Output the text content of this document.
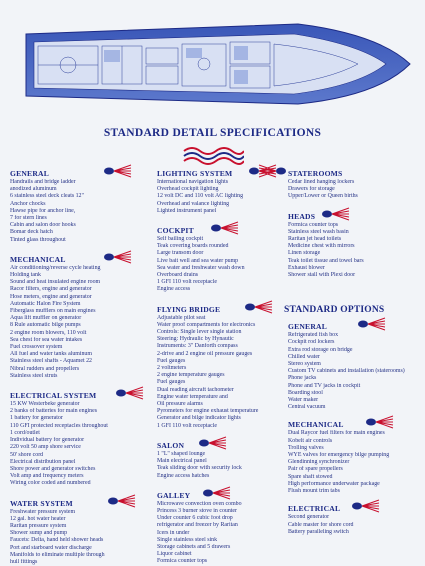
STANDARD DETAIL SPECIFICATIONS
GENERAL
Handrails and bridge ladder
anodized aluminum
6 stainless steel deck cleats 12"
Anchor chocks
Hawse pipe for anchor line,
7 for stern lines
Cabin and salon door hooks
Bomar deck hatch
Tinted glass throughout
MECHANICAL
Air conditioning/reverse cycle heating
Holding tank
Sound and heat insulated engine room
Racor filters, engine and generator
Hose meters, engine and generator
Automatic Halon Fire System
Fiberglass mufflers on main engines
Aqua lift muffler on generator
8 Rule automatic bilge pumps
2 engine room blowers, 110 volt
Sea chest for sea water intakes
Fuel crossover system
All fuel and water tanks aluminum
Stainless steel shafts - Aquamet 22
Nibral rudders and propellers
Stainless steel struts
ELECTRICAL SYSTEM
15 KW Westerbeke generator
2 banks of batteries for main engines
1 battery for generator
110 GFI protected receptacles throughout
1 cord/outlet
Individual battery for generator
220 volt 50 amp shore service
50' shore cord
Electrical distribution panel
Shore power and generator switches
Volt amp and frequency meters
Wiring color coded and numbered
WATER SYSTEM
Freshwater pressure system
12 gal. hot water heater
Raritan pressure system
Shower sump and pump
Faucets: Delta, hand held shower heads
Port and starboard water discharge
Manifolds to eliminate multiple through
hull fittings
LIGHTING SYSTEM
International navigation lights
Overhead cockpit lighting
12 volt DC and 110 volt AC lighting
Overhead and valance lighting
Lighted instrument panel
COCKPIT
Self bailing cockpit
Teak covering boards rounded
Large transom door
Live bait well and sea water pump
Sea water and freshwater wash down
Overboard drains
1 GFI 110 volt receptacle
Engine access
FLYING BRIDGE
Adjustable pilot seat
Water proof compartments for electronics
Controls: Single lever single station
Steering: Hydraulic by Hynautic
Instruments: 3" Danforth compass
2-drive and 2 engine oil pressure gauges
Fuel gauges
2 voltmeters
2 engine temperature gauges
Fuel gauges
Dual reading aircraft tachometer
Engine water temperature and
Oil pressure alarms
Pyrometers for engine exhaust temperature
Generator and bilge indicator lights
1 GFI 110 volt receptacle
SALON
1 "L" shaped lounge
Main electrical panel
Teak sliding door with security lock
Engine access hatches
GALLEY
Microwave convection oven combo
Princess 3 burner stove in counter
Under counter 6 cubic foot drop
refrigerator and freezer by Raritan
Icers in under
Single stainless steel sink
Storage cabinets and 5 drawers
Liquor cabinet
Formica counter tops
STATEROOMS
Cedar lined hanging lockers
Drawers for storage
Upper/Lower or Queen births
HEADS
Formica counter tops
Stainless steel wash basin
Raritan jet head toilets
Medicine chest with mirrors
Linen storage
Teak toilet tissue and towel bars
Exhaust blower
Shower stall with Plexi door
STANDARD OPTIONS
GENERAL
Refrigerated fish box
Cockpit rod lockers
Extra rod storage on bridge
Chilled water
Stereo system
Custom TV cabinets and installation (staterooms)
Phone jacks
Phone and TV jacks in cockpit
Boarding stool
Water maker
Central vacuum
MECHANICAL
Dual Raycor fuel filters for main engines
Kobelt air controls
Trolling valves
WYE valves for emergency bilge pumping
Glendinning synchronizer
Pair of spare propellers
Spare shaft stowed
High performance underwater package
Flush mount trim tabs
ELECTRICAL
Second generator
Cable master for shore cord
Battery paralleling switch
